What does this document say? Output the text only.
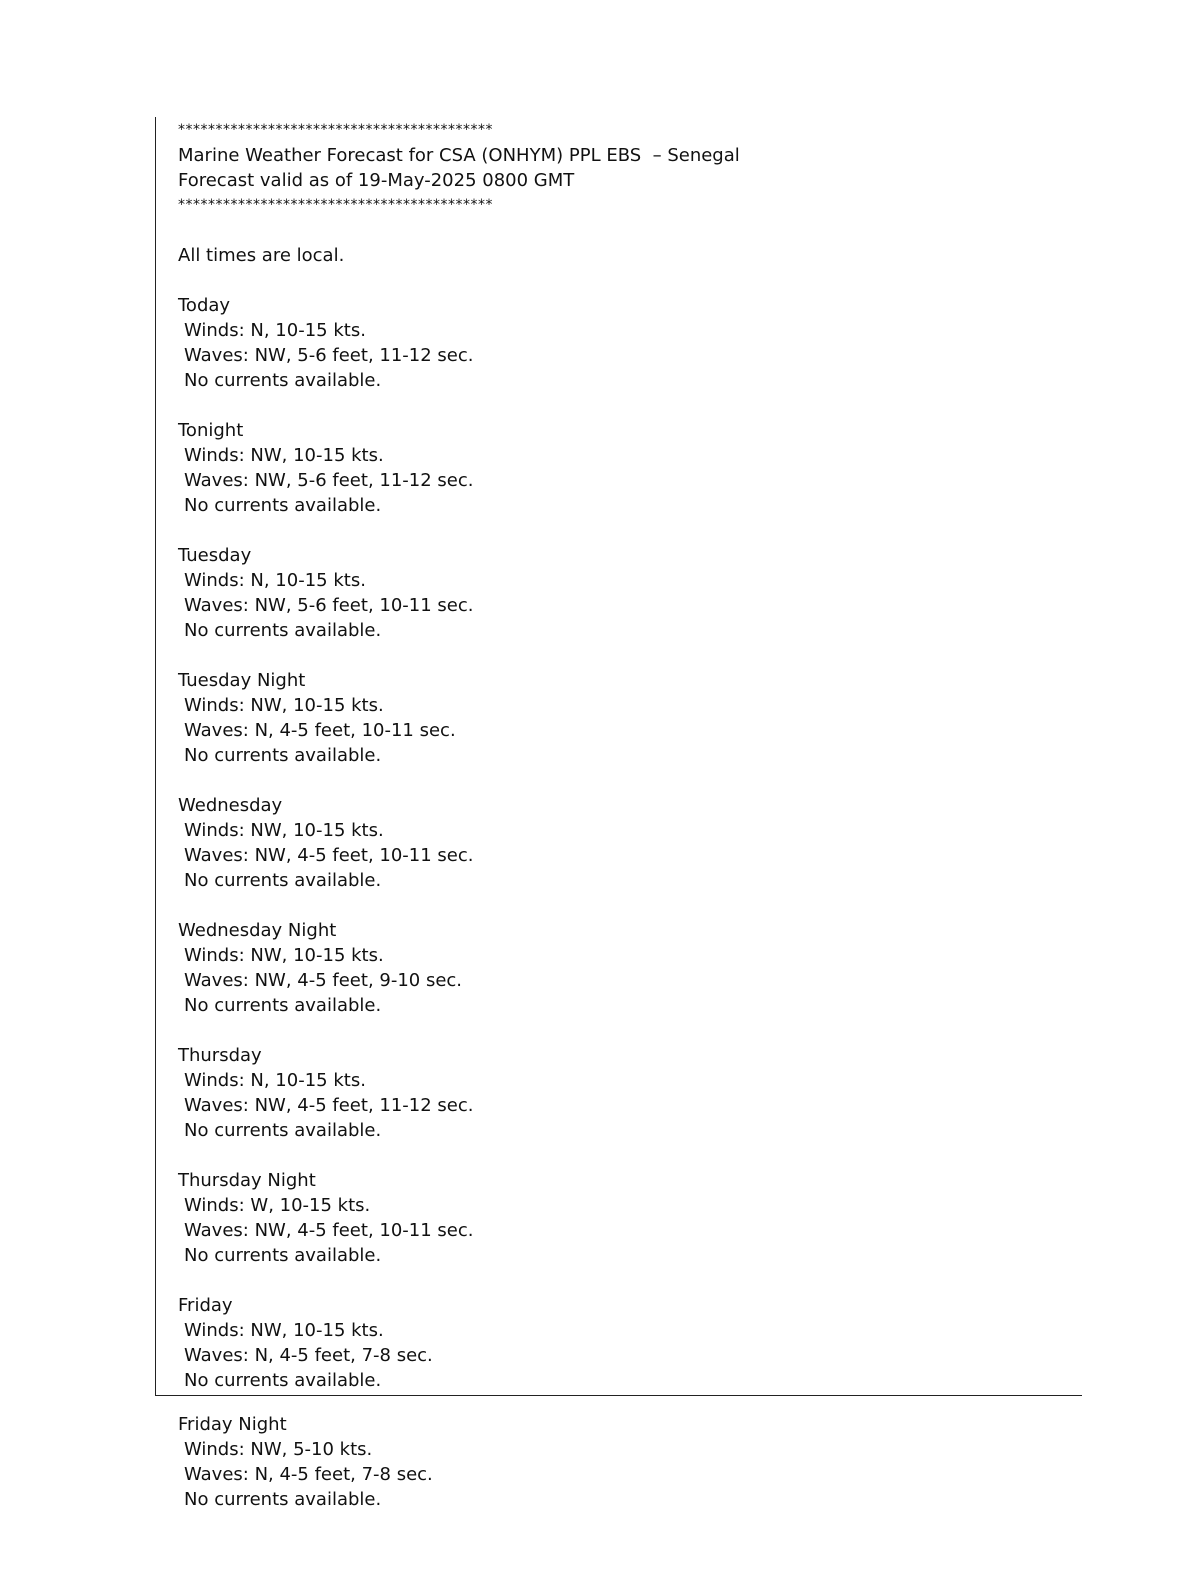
******************************************
Marine Weather Forecast for CSA (ONHYM) PPL EBS  – Senegal
Forecast valid as of 19-May-2025 0800 GMT
******************************************
All times are local.
Today
Winds: N, 10-15 kts.
Waves: NW, 5-6 feet, 11-12 sec.
No currents available.
Tonight
Winds: NW, 10-15 kts.
Waves: NW, 5-6 feet, 11-12 sec.
No currents available.
Tuesday
Winds: N, 10-15 kts.
Waves: NW, 5-6 feet, 10-11 sec.
No currents available.
Tuesday Night
Winds: NW, 10-15 kts.
Waves: N, 4-5 feet, 10-11 sec.
No currents available.
Wednesday
Winds: NW, 10-15 kts.
Waves: NW, 4-5 feet, 10-11 sec.
No currents available.
Wednesday Night
Winds: NW, 10-15 kts.
Waves: NW, 4-5 feet, 9-10 sec.
No currents available.
Thursday
Winds: N, 10-15 kts.
Waves: NW, 4-5 feet, 11-12 sec.
No currents available.
Thursday Night
Winds: W, 10-15 kts.
Waves: NW, 4-5 feet, 10-11 sec.
No currents available.
Friday
Winds: NW, 10-15 kts.
Waves: N, 4-5 feet, 7-8 sec.
No currents available.
Friday Night
Winds: NW, 5-10 kts.
Waves: N, 4-5 feet, 7-8 sec.
No currents available.
